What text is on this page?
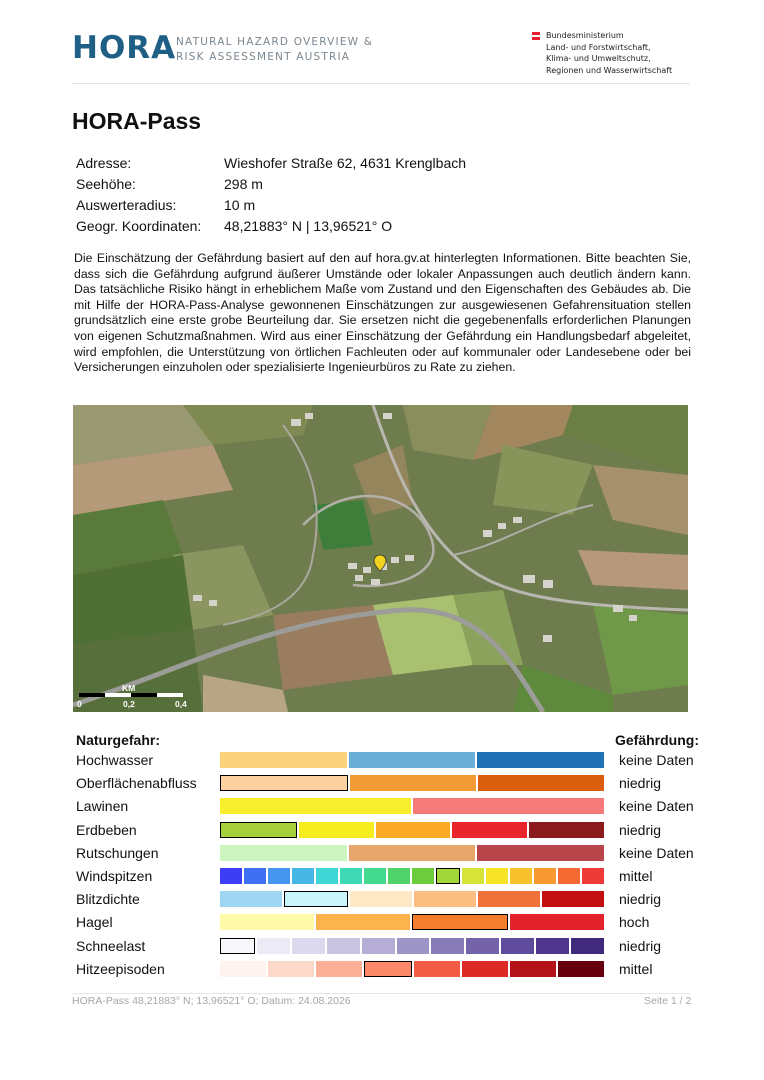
HORA NATURAL HAZARD OVERVIEW &
RISK ASSESSMENT AUSTRIA
Bundesministerium
Land- und Forstwirtschaft,
Klima- und Umweltschutz,
Regionen und Wasserwirtschaft
HORA-Pass
Adresse:	Wieshofer Straße 62, 4631 Krenglbach
Seehöhe:	298 m
Auswerteradius:	10 m
Geogr. Koordinaten:	48,21883° N | 13,96521° O

Die Einschätzung der Gefährdung basiert auf den auf hora.gv.at hinterlegten Informationen. Bitte beachten Sie, dass sich die Gefährdung aufgrund äußerer Umstände oder lokaler Anpassungen auch deutlich ändern kann. Das tatsächliche Risiko hängt in erheblichem Maße vom Zustand und den Eigenschaften des Gebäudes ab. Die mit Hilfe der HORA-Pass-Analyse gewonnenen Einschätzungen zur ausgewiesenen Gefahrensituation stellen grundsätzlich eine erste grobe Beurteilung dar. Sie ersetzen nicht die gegebenenfalls erforderlichen Planungen von eigenen Schutzmaßnahmen. Wird aus einer Einschätzung der Gefährdung ein Handlungsbedarf abgeleitet, wird empfohlen, die Unterstützung von örtlichen Fachleuten oder auf kommunaler oder Landesebene oder bei Versicherungen einzuholen oder spezialisierte Ingenieurbüros zu Rate zu ziehen.

KM
0	0,2	0,4
Naturgefahr:	Gefährdung:
Hochwasser	keine Daten
Oberflächenabfluss	niedrig
Lawinen	keine Daten
Erdbeben	niedrig
Rutschungen	keine Daten
Windspitzen	mittel
Blitzdichte	niedrig
Hagel	hoch
Schneelast	niedrig
Hitzeepisoden	mittel
HORA-Pass 48,21883° N; 13,96521° O; Datum: 24.08.2026	Seite 1 / 2
